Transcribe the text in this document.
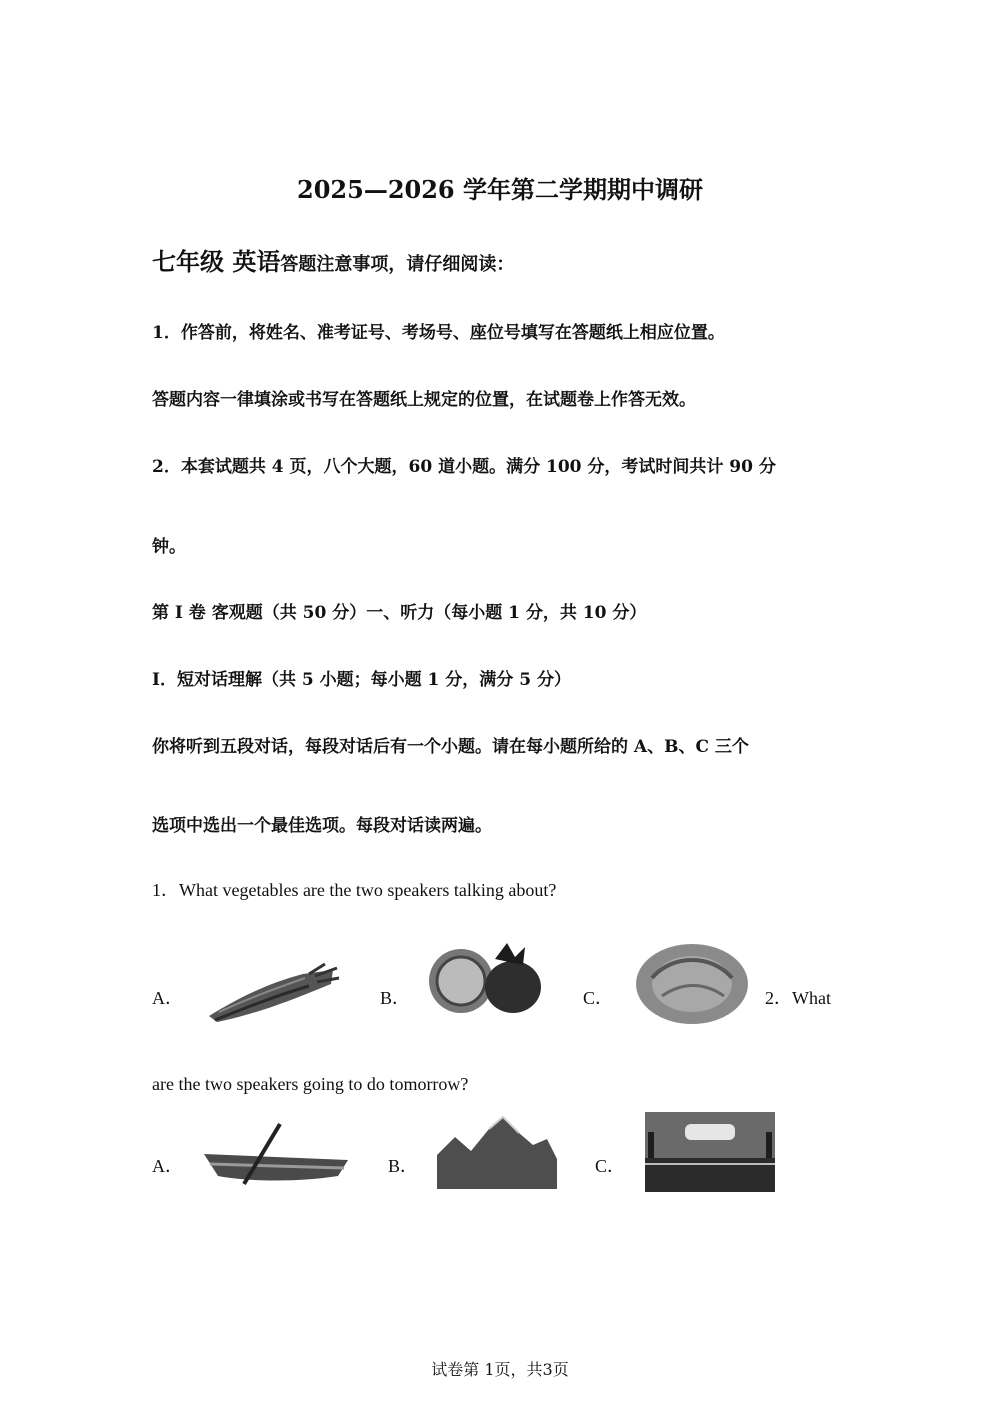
2025—2026 学年第二学期期中调研
七年级 英语答题注意事项，请仔细阅读：
1．作答前，将姓名、准考证号、考场号、座位号填写在答题纸上相应位置。
答题内容一律填涂或书写在答题纸上规定的位置，在试题卷上作答无效。
2．本套试题共 4 页，八个大题，60 道小题。满分 100 分，考试时间共计 90 分
钟。
第 Ⅰ 卷 客观题（共 50 分）一、听力（每小题 1 分，共 10 分）
Ⅰ．短对话理解（共 5 小题；每小题 1 分，满分 5 分）
你将听到五段对话，每段对话后有一个小题。请在每小题所给的 A、B、C 三个
选项中选出一个最佳选项。每段对话读两遍。
1．What vegetables are the two speakers talking about?
A．	B．	C．	2．What
are the two speakers going to do tomorrow?
A．	B．	C．
试卷第 1页，共3页
